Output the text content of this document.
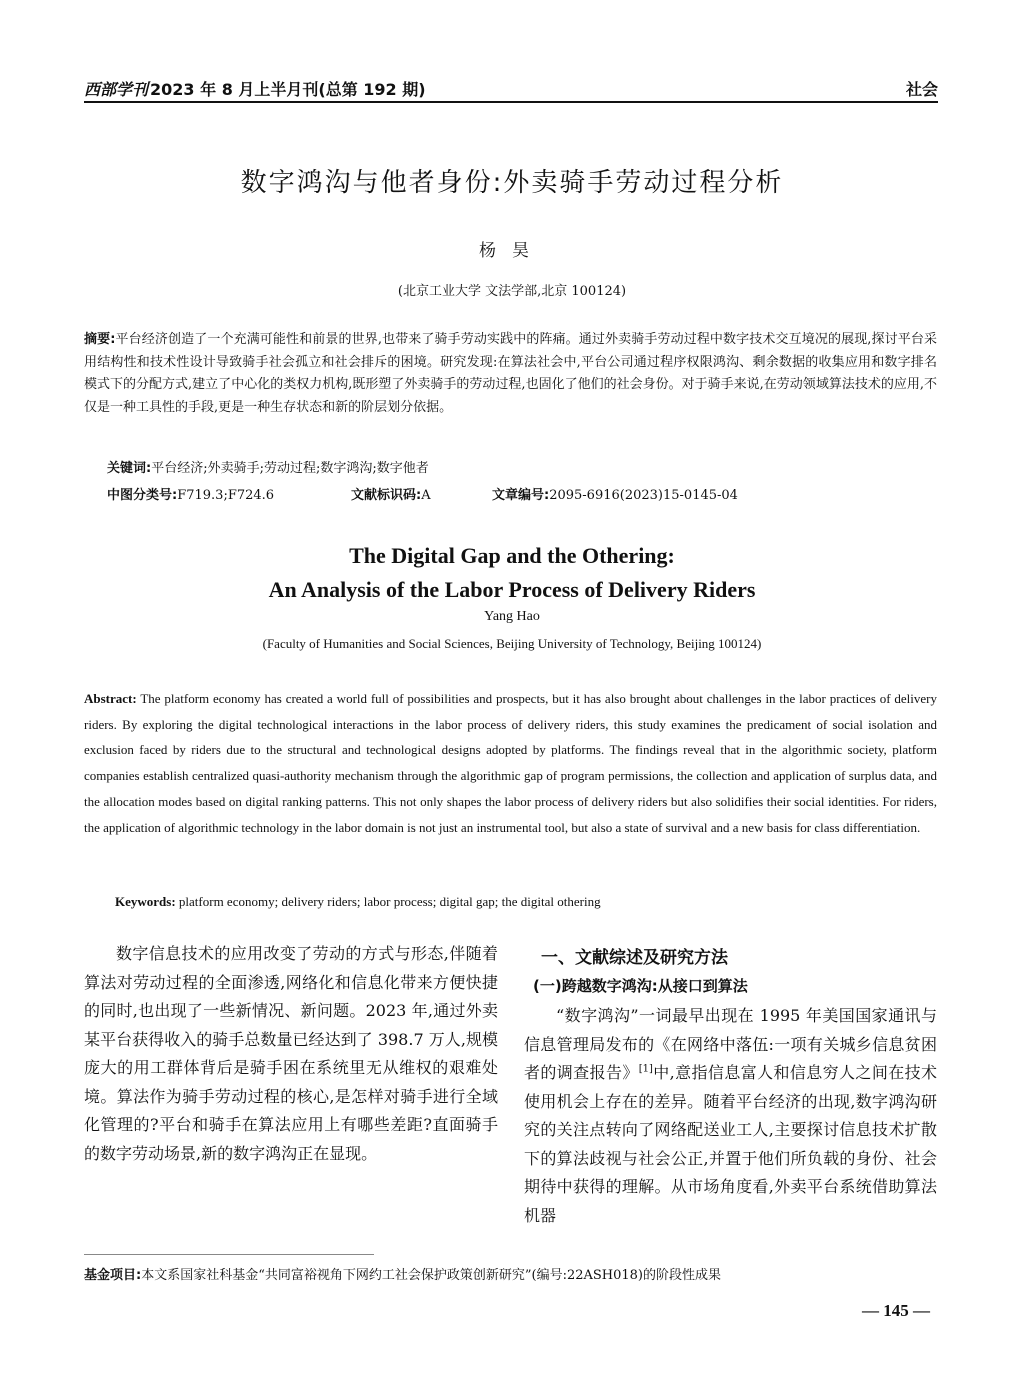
西部学刊 2023 年 8 月上半月刊(总第 192 期)	社会
数字鸿沟与他者身份:外卖骑手劳动过程分析
杨昊
(北京工业大学 文法学部,北京 100124)
摘要:平台经济创造了一个充满可能性和前景的世界,也带来了骑手劳动实践中的阵痛。通过外卖骑手劳动过程中数字技术交互境况的展现,探讨平台采用结构性和技术性设计导致骑手社会孤立和社会排斥的困境。研究发现:在算法社会中,平台公司通过程序权限鸿沟、剩余数据的收集应用和数字排名模式下的分配方式,建立了中心化的类权力机构,既形塑了外卖骑手的劳动过程,也固化了他们的社会身份。对于骑手来说,在劳动领域算法技术的应用,不仅是一种工具性的手段,更是一种生存状态和新的阶层划分依据。
关键词:平台经济;外卖骑手;劳动过程;数字鸿沟;数字他者
中图分类号:F719.3;F724.6	文献标识码:A	文章编号:2095-6916(2023)15-0145-04
The Digital Gap and the Othering:
An Analysis of the Labor Process of Delivery Riders
Yang Hao
(Faculty of Humanities and Social Sciences, Beijing University of Technology, Beijing 100124)
Abstract: The platform economy has created a world full of possibilities and prospects, but it has also brought about challenges in the labor practices of delivery riders. By exploring the digital technological interactions in the labor process of delivery riders, this study examines the predicament of social isolation and exclusion faced by riders due to the structural and technological designs adopted by platforms. The findings reveal that in the algorithmic society, platform companies establish centralized quasi-authority mechanism through the algorithmic gap of program permissions, the collection and application of surplus data, and the allocation modes based on digital ranking patterns. This not only shapes the labor process of delivery riders but also solidifies their social identities. For riders, the application of algorithmic technology in the labor domain is not just an instrumental tool, but also a state of survival and a new basis for class differentiation.
Keywords: platform economy; delivery riders; labor process; digital gap; the digital othering
数字信息技术的应用改变了劳动的方式与形态,伴随着算法对劳动过程的全面渗透,网络化和信息化带来方便快捷的同时,也出现了一些新情况、新问题。2023 年,通过外卖某平台获得收入的骑手总数量已经达到了 398.7 万人,规模庞大的用工群体背后是骑手困在系统里无从维权的艰难处境。算法作为骑手劳动过程的核心,是怎样对骑手进行全域化管理的?平台和骑手在算法应用上有哪些差距?直面骑手的数字劳动场景,新的数字鸿沟正在显现。
一、文献综述及研究方法
(一)跨越数字鸿沟:从接口到算法
“数字鸿沟”一词最早出现在 1995 年美国国家通讯与信息管理局发布的《在网络中落伍:一项有关城乡信息贫困者的调查报告》[1]中,意指信息富人和信息穷人之间在技术使用机会上存在的差异。随着平台经济的出现,数字鸿沟研究的关注点转向了网络配送业工人,主要探讨信息技术扩散下的算法歧视与社会公正,并置于他们所负载的身份、社会期待中获得的理解。从市场角度看,外卖平台系统借助算法机器
基金项目:本文系国家社科基金“共同富裕视角下网约工社会保护政策创新研究”(编号:22ASH018)的阶段性成果
— 145 —
